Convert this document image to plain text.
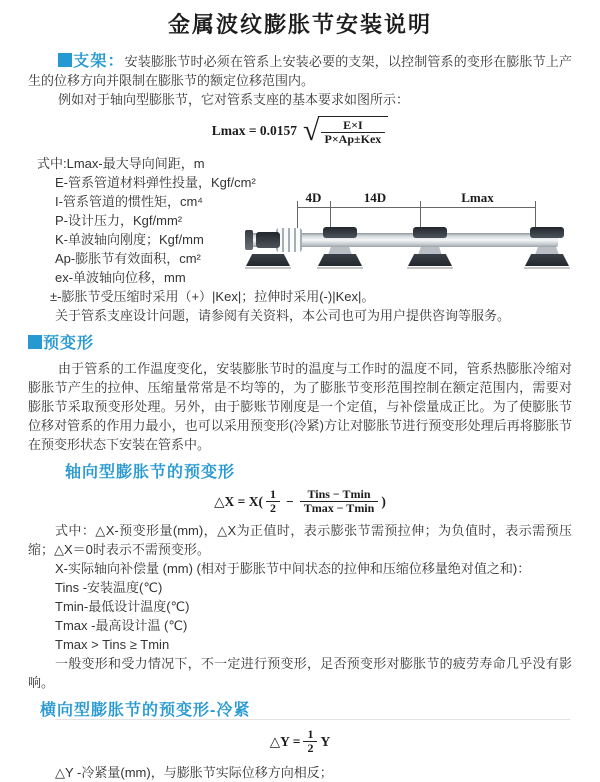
金属波纹膨胀节安装说明

支架：安装膨胀节时必须在管系上安装必要的支架，以控制管系的变形在膨胀节上产生的位移方向并限制在膨胀节的额定位移范围内。

例如对于轴向型膨胀节，它对管系支座的基本要求如图所示：

Lmax = 0.0157 √ $\frac{E\times I}{\text{P×Ap±Kex}}$
式中:Lmax-最大导向间距，m
E-管系管道材料弹性投量，Kgf/cm²
I-管系管道的惯性矩，cm⁴
P-设计压力，Kgf/mm²
K-单波轴向刚度；Kgf/mm
Ap-膨胀节有效面积，cm²
ex-单波轴向位移，mm
±-膨胀节受压缩时采用（+）|Kex|；拉伸时采用(-)|Kex|。
关于管系支座设计问题，请参阅有关资料，本公司也可为用户提供咨询等服务。
4D	14D	Lmax
预变形

由于管系的工作温度变化，安装膨胀节时的温度与工作时的温度不同，管系热膨胀冷缩对膨胀节产生的拉伸、压缩量常常是不均等的，为了膨胀节变形范围控制在额定范围内，需要对膨胀节采取预变形处理。另外，由于膨账节刚度是一个定值，与补偿量成正比。为了使膨胀节位移对管系的作用力最小，也可以采用预变形(冷紧)方让对膨胀节进行预变形处理后再将膨胀节在预变形状态下安装在管系中。

轴向型膨胀节的预变形
△X = $X( \frac{1}{2} - \frac{\text{Tins − Tmin}}{Tmax - Tmin}$ )

式中：△X-预变形量(mm)，△X为正值时，表示膨张节需预拉伸；为负值时，表示需预压缩；△X＝0时表示不需预变形。

X-实际轴向补偿量 (mm) (相对于膨胀节中间状态的拉伸和压缩位移量绝对值之和)：
Tins -安装温度(℃)
Tmin-最低设计温度(℃)
Tmax -最高设计温 (℃)
Tmax > Tins ≥ Tmin

一般变形和受力情况下，不一定进行预变形，足否预变形对膨胀节的疲劳寿命几乎没有影响。

横向型膨胀节的预变形-冷紧
△Y = $\frac{1}{2}$ Y
△Y -冷紧量(mm)，与膨胀节实际位移方向相反；
